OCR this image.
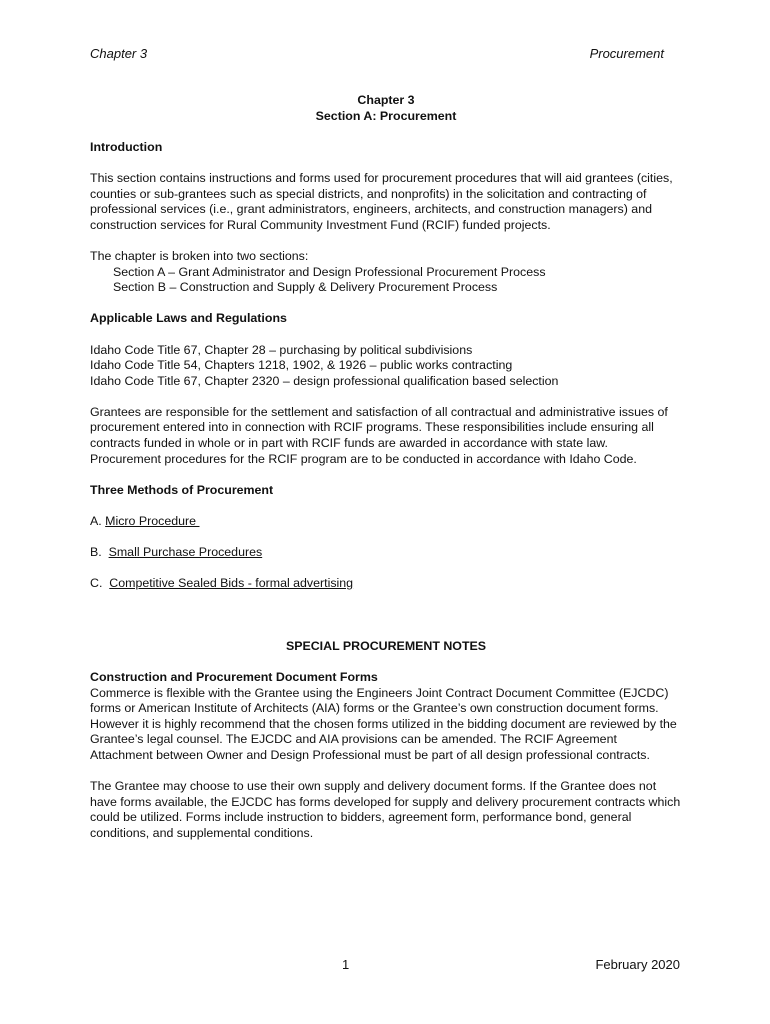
Chapter 3	Procurement

Chapter 3

Section A: Procurement

Introduction

This section contains instructions and forms used for procurement procedures that will aid grantees (cities, counties or sub-grantees such as special districts, and nonprofits) in the solicitation and contracting of professional services (i.e., grant administrators, engineers, architects, and construction managers) and construction services for Rural Community Investment Fund (RCIF) funded projects.

The chapter is broken into two sections:

Section A – Grant Administrator and Design Professional Procurement Process

Section B – Construction and Supply & Delivery Procurement Process

Applicable Laws and Regulations

Idaho Code Title 67, Chapter 28 – purchasing by political subdivisions

Idaho Code Title 54, Chapters 1218, 1902, & 1926 – public works contracting

Idaho Code Title 67, Chapter 2320 – design professional qualification based selection

Grantees are responsible for the settlement and satisfaction of all contractual and administrative issues of procurement entered into in connection with RCIF programs. These responsibilities include ensuring all contracts funded in whole or in part with RCIF funds are awarded in accordance with state law. Procurement procedures for the RCIF program are to be conducted in accordance with Idaho Code.

Three Methods of Procurement

A. Micro Procedure

B.  Small Purchase Procedures

C.  Competitive Sealed Bids - formal advertising

SPECIAL PROCUREMENT NOTES

Construction and Procurement Document Forms

Commerce is flexible with the Grantee using the Engineers Joint Contract Document Committee (EJCDC) forms or American Institute of Architects (AIA) forms or the Grantee’s own construction document forms. However it is highly recommend that the chosen forms utilized in the bidding document are reviewed by the Grantee’s legal counsel. The EJCDC and AIA provisions can be amended. The RCIF Agreement Attachment between Owner and Design Professional must be part of all design professional contracts.

The Grantee may choose to use their own supply and delivery document forms. If the Grantee does not have forms available, the EJCDC has forms developed for supply and delivery procurement contracts which could be utilized. Forms include instruction to bidders, agreement form, performance bond, general conditions, and supplemental conditions.

1	February 2020
